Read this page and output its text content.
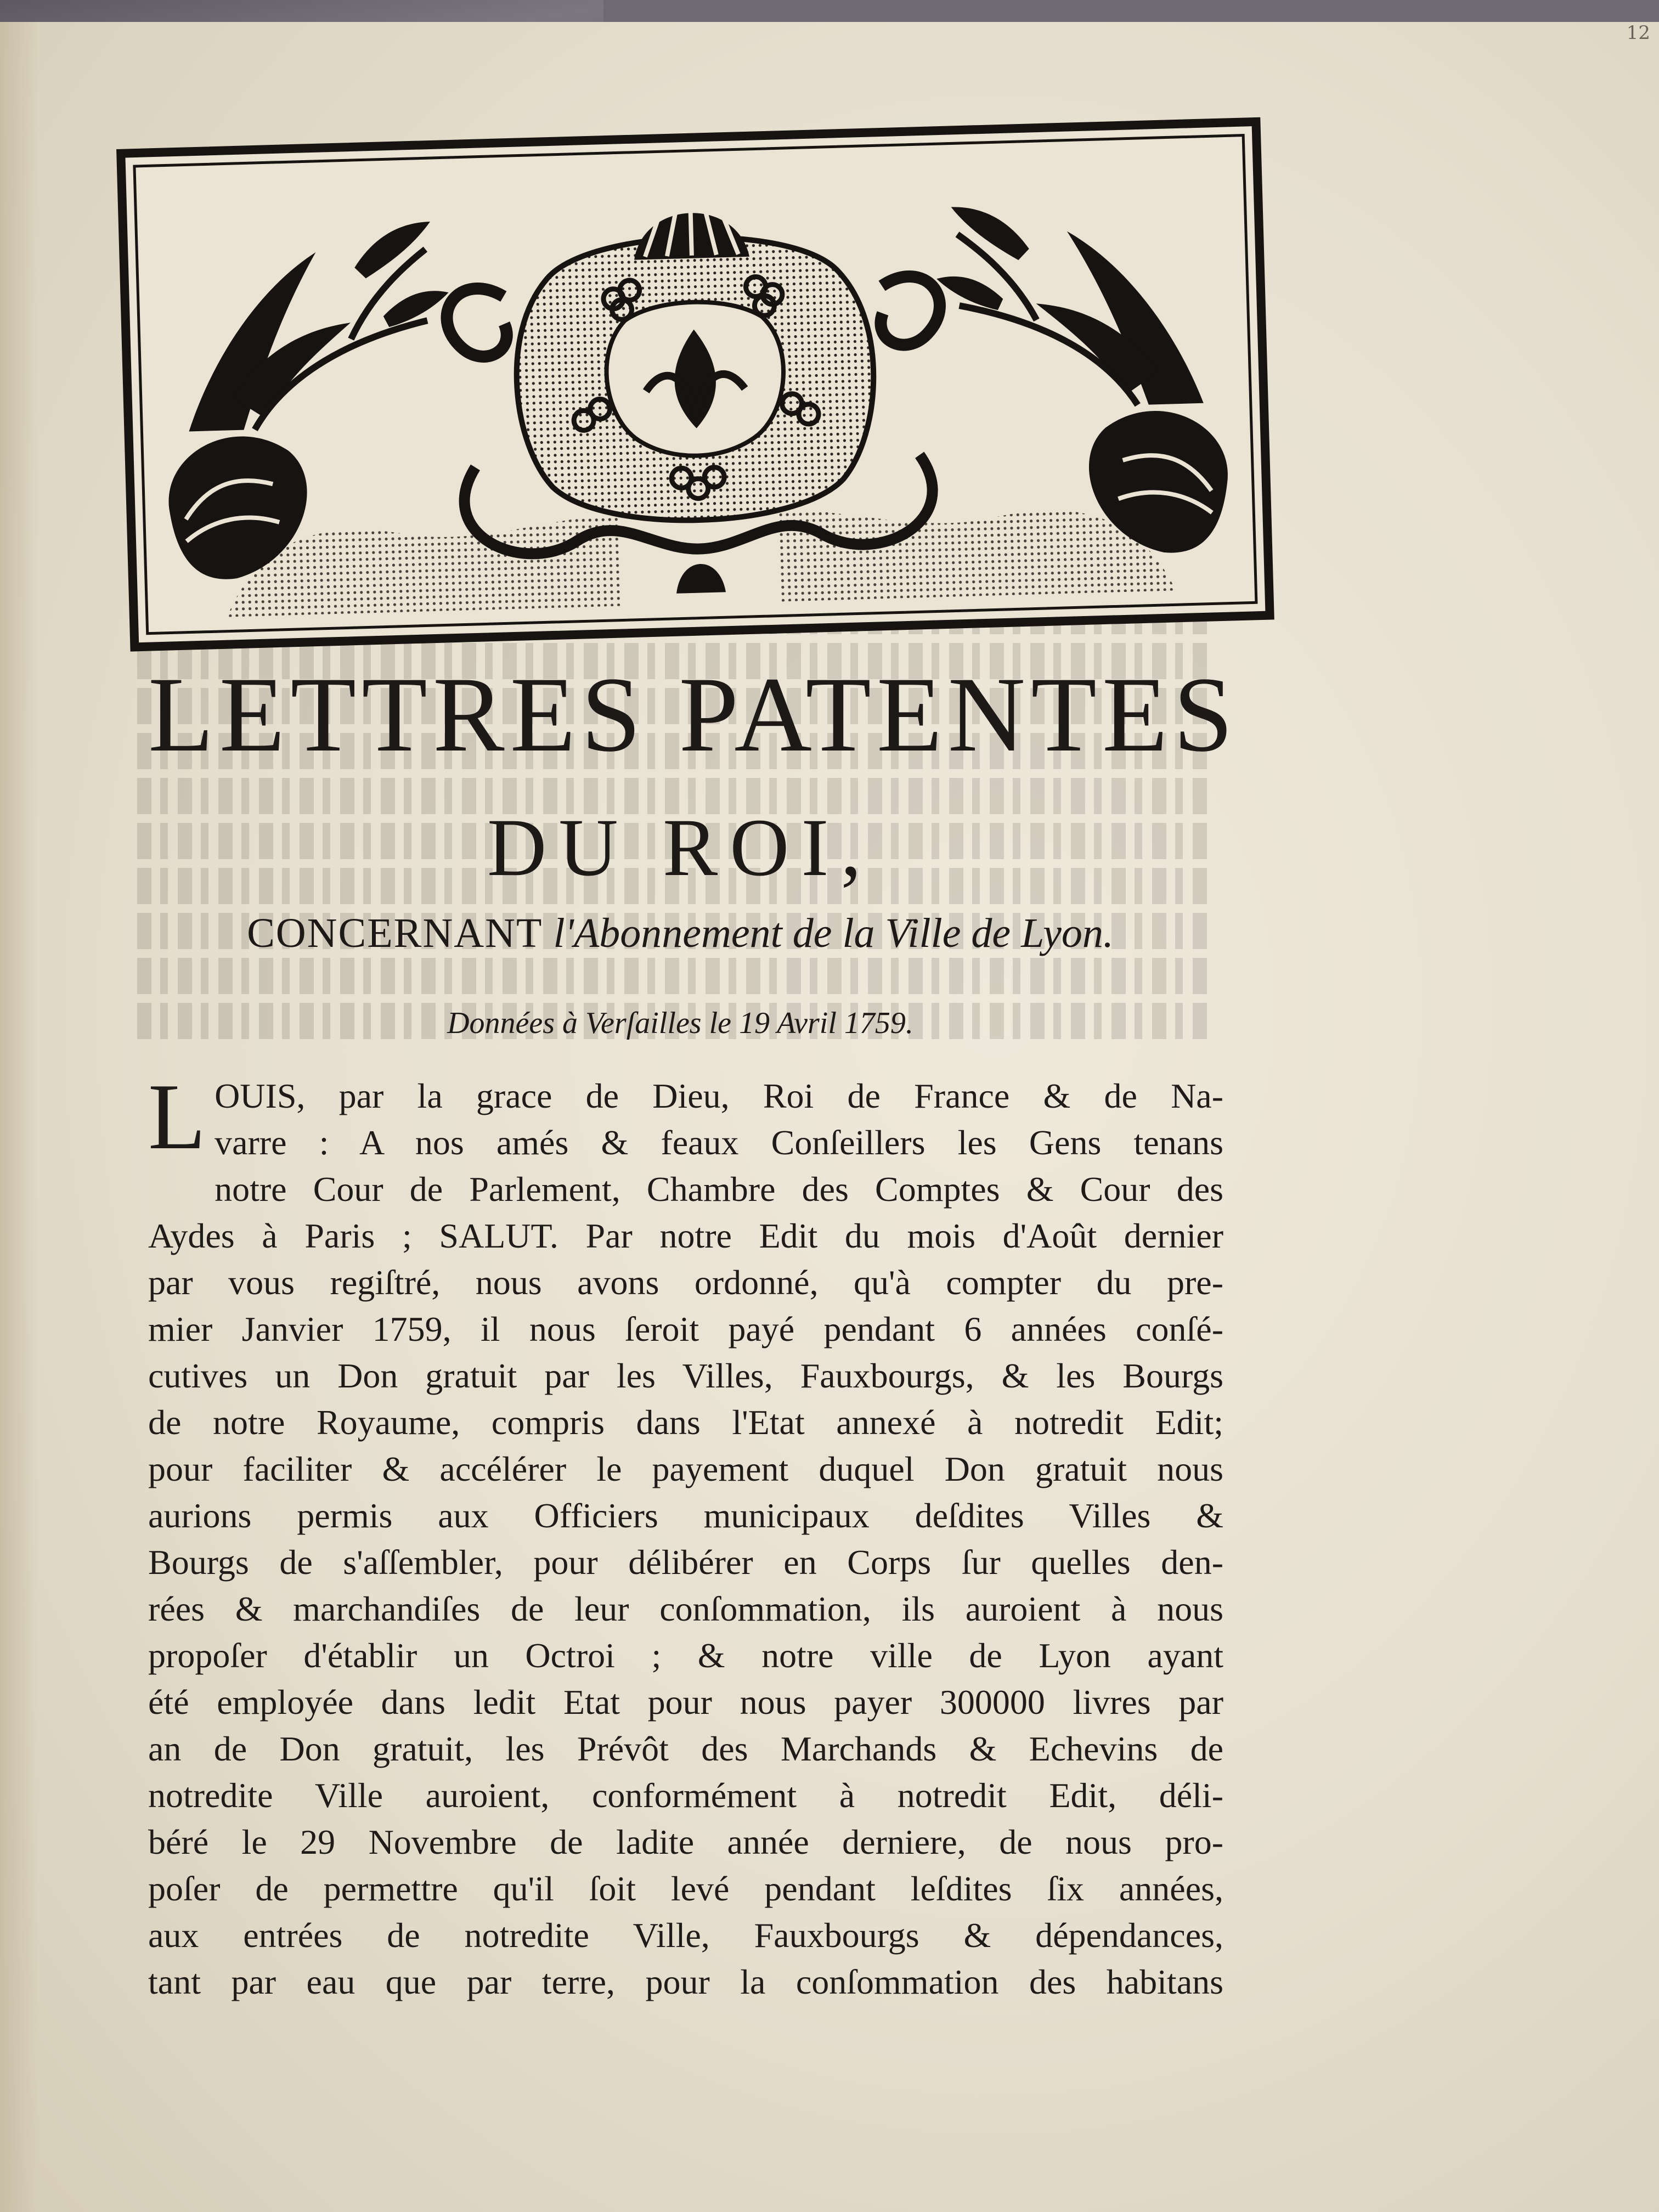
12
LETTRES PATENTES
DU ROI,
CONCERNANT l'Abonnement de la Ville de Lyon.
Données à Verſailles le 19 Avril 1759.
L OUIS, par la grace de Dieu, Roi de France & de Na-
varre : A nos amés & feaux Conſeillers les Gens tenans
notre Cour de Parlement, Chambre des Comptes & Cour des
Aydes à Paris ; SALUT. Par notre Edit du mois d'Août dernier
par vous regiſtré, nous avons ordonné, qu'à compter du pre-
mier Janvier 1759, il nous ſeroit payé pendant 6 années conſé-
cutives un Don gratuit par les Villes, Fauxbourgs, & les Bourgs
de notre Royaume, compris dans l'Etat annexé à notredit Edit;
pour faciliter & accélérer le payement duquel Don gratuit nous
aurions permis aux Officiers municipaux deſdites Villes &
Bourgs de s'aſſembler, pour délibérer en Corps ſur quelles den-
rées & marchandiſes de leur conſommation, ils auroient à nous
propoſer d'établir un Octroi ; & notre ville de Lyon ayant
été employée dans ledit Etat pour nous payer 300000 livres par
an de Don gratuit, les Prévôt des Marchands & Echevins de
notredite Ville auroient, conformément à notredit Edit, déli-
béré le 29 Novembre de ladite année derniere, de nous pro-
poſer de permettre qu'il ſoit levé pendant leſdites ſix années,
aux entrées de notredite Ville, Fauxbourgs & dépendances,
tant par eau que par terre, pour la conſommation des habitans
